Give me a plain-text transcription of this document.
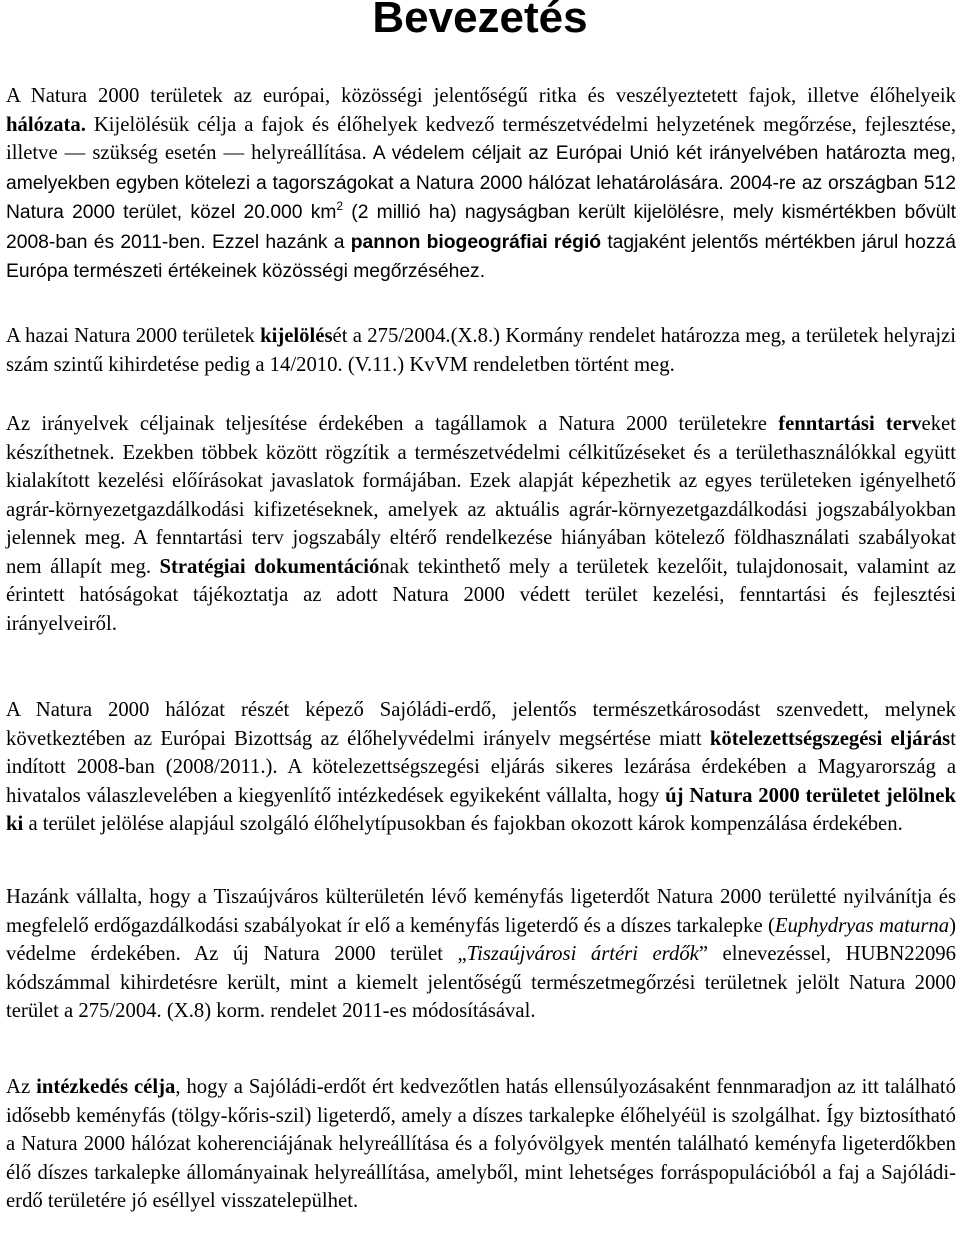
Bevezetés

A Natura 2000 területek az európai, közösségi jelentőségű ritka és veszélyeztetett fajok, illetve élőhelyeik hálózata. Kijelölésük célja a fajok és élőhelyek kedvező természetvédelmi helyzetének megőrzése, fejlesztése, illetve — szükség esetén — helyreállítása. A védelem céljait az Európai Unió két irányelvében határozta meg, amelyekben egyben kötelezi a tagországokat a Natura 2000 hálózat lehatárolására. 2004-re az országban 512 Natura 2000 terület, közel 20.000 $km^2$ (2 millió ha) nagyságban került kijelölésre, mely kismértékben bővült 2008-ban és 2011-ben. Ezzel hazánk a pannon biogeográfiai régió tagjaként jelentős mértékben járul hozzá Európa természeti értékeinek közösségi megőrzéséhez.

A hazai Natura 2000 területek kijelölését a 275/2004.(X.8.) Kormány rendelet határozza meg, a területek helyrajzi szám szintű kihirdetése pedig a 14/2010. (V.11.) KvVM rendeletben történt meg.

Az irányelvek céljainak teljesítése érdekében a tagállamok a Natura 2000 területekre fenntartási terveket készíthetnek. Ezekben többek között rögzítik a természetvédelmi célkitűzéseket és a területhasználókkal együtt kialakított kezelési előírásokat javaslatok formájában. Ezek alapját képezhetik az egyes területeken igényelhető agrár-környezetgazdálkodási kifizetéseknek, amelyek az aktuális agrár-környezetgazdálkodási jogszabályokban jelennek meg. A fenntartási terv jogszabály eltérő rendelkezése hiányában kötelező földhasználati szabályokat nem állapít meg. Stratégiai dokumentációnak tekinthető mely a területek kezelőit, tulajdonosait, valamint az érintett hatóságokat tájékoztatja az adott Natura 2000 védett terület kezelési, fenntartási és fejlesztési irányelveiről.

A Natura 2000 hálózat részét képező Sajóládi-erdő, jelentős természetkárosodást szenvedett, melynek következtében az Európai Bizottság az élőhelyvédelmi irányelv megsértése miatt kötelezettségszegési eljárást indított 2008-ban (2008/2011.). A kötelezettségszegési eljárás sikeres lezárása érdekében a Magyarország a hivatalos válaszlevelében a kiegyenlítő intézkedések egyikeként vállalta, hogy új Natura 2000 területet jelölnek ki a terület jelölése alapjául szolgáló élőhelytípusokban és fajokban okozott károk kompenzálása érdekében.

Hazánk vállalta, hogy a Tiszaújváros külterületén lévő keményfás ligeterdőt Natura 2000 területté nyilvánítja és megfelelő erdőgazdálkodási szabályokat ír elő a keményfás ligeterdő és a díszes tarkalepke (Euphydryas maturna) védelme érdekében. Az új Natura 2000 terület „Tiszaújvárosi ártéri erdők” elnevezéssel, HUBN22096 kódszámmal kihirdetésre került, mint a kiemelt jelentőségű természetmegőrzési területnek jelölt Natura 2000 terület a 275/2004. (X.8) korm. rendelet 2011-es módosításával.

Az intézkedés célja, hogy a Sajóládi-erdőt ért kedvezőtlen hatás ellensúlyozásaként fennmaradjon az itt található idősebb keményfás (tölgy-kőris-szil) ligeterdő, amely a díszes tarkalepke élőhelyéül is szolgálhat. Így biztosítható a Natura 2000 hálózat koherenciájának helyreállítása és a folyóvölgyek mentén található keményfa ligeterdőkben élő díszes tarkalepke állományainak helyreállítása, amelyből, mint lehetséges forráspopulációból a faj a Sajóládi-erdő területére jó eséllyel visszatelepülhet.
